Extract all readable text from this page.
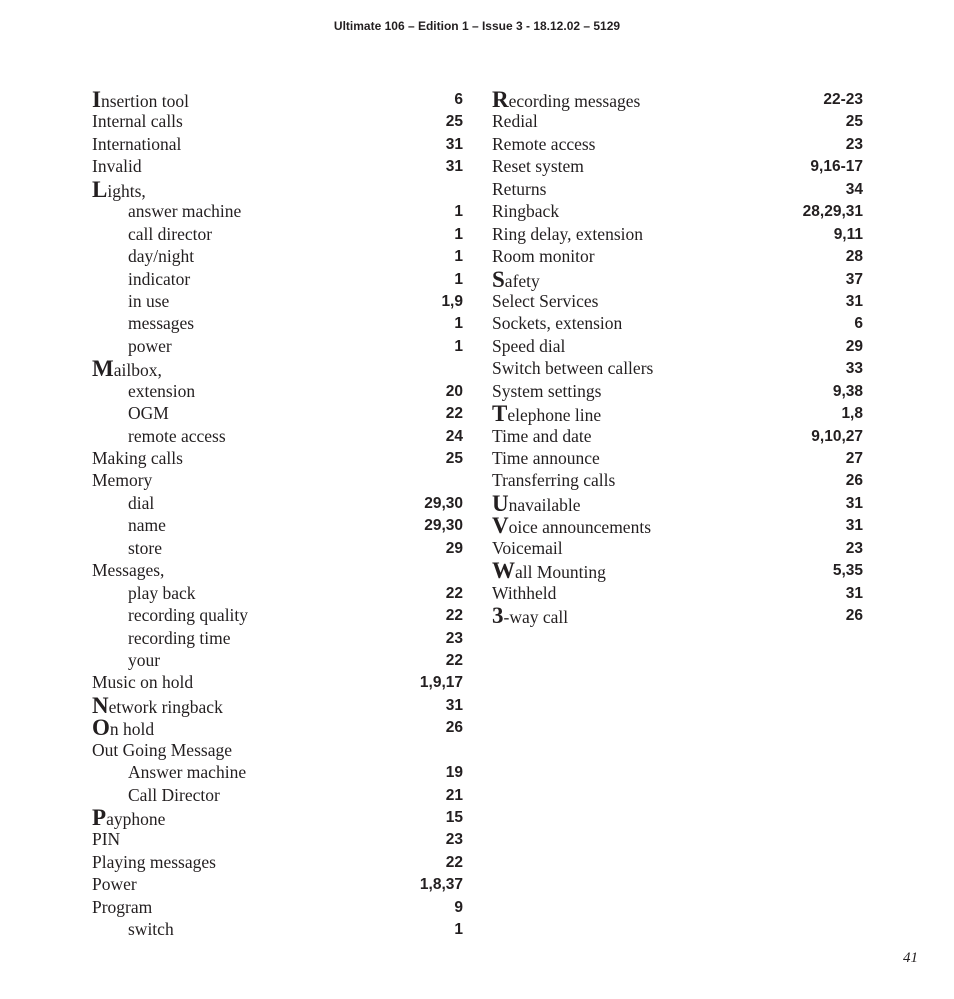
Ultimate 106 – Edition 1 – Issue 3 - 18.12.02 – 5129
Insertion tool	6
Internal calls	25
International	31
Invalid	31
Lights,
answer machine	1
call director	1
day/night	1
indicator	1
in use	1,9
messages	1
power	1
Mailbox,
extension	20
OGM	22
remote access	24
Making calls	25
Memory
dial	29,30
name	29,30
store	29
Messages,
play back	22
recording quality	22
recording time	23
your	22
Music on hold	1,9,17
Network ringback	31
On hold	26
Out Going Message
Answer machine	19
Call Director	21
Payphone	15
PIN	23
Playing messages	22
Power	1,8,37
Program	9
switch	1
Recording messages	22-23
Redial	25
Remote access	23
Reset system	9,16-17
Returns	34
Ringback	28,29,31
Ring delay, extension	9,11
Room monitor	28
Safety	37
Select Services	31
Sockets, extension	6
Speed dial	29
Switch between callers	33
System settings	9,38
Telephone line	1,8
Time and date	9,10,27
Time announce	27
Transferring calls	26
Unavailable	31
Voice announcements	31
Voicemail	23
Wall Mounting	5,35
Withheld	31
3-way call	26
41
